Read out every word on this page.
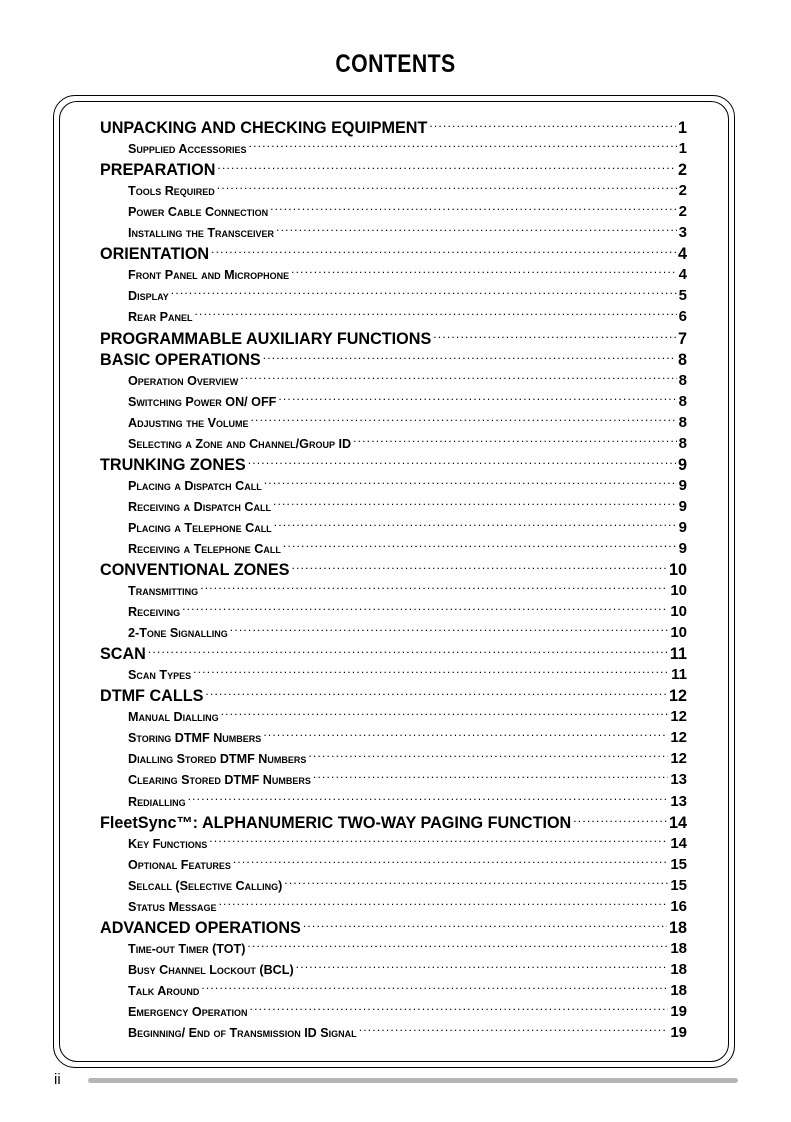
CONTENTS
UNPACKING AND CHECKING EQUIPMENT .....	1
Supplied Accessories .....	1
PREPARATION .....	2
Tools Required .....	2
Power Cable Connection .....	2
Installing the Transceiver .....	3
ORIENTATION .....	4
Front Panel and Microphone .....	4
Display .....	5
Rear Panel .....	6
PROGRAMMABLE AUXILIARY FUNCTIONS .....	7
BASIC OPERATIONS .....	8
Operation Overview .....	8
Switching Power ON/ OFF .....	8
Adjusting the Volume .....	8
Selecting a Zone and Channel/Group ID .....	8
TRUNKING ZONES .....	9
Placing a Dispatch Call .....	9
Receiving a Dispatch Call .....	9
Placing a Telephone Call .....	9
Receiving a Telephone Call .....	9
CONVENTIONAL ZONES .....	10
Transmitting .....	10
Receiving .....	10
2-Tone Signalling .....	10
SCAN .....	11
Scan Types .....	11
DTMF CALLS .....	12
Manual Dialling .....	12
Storing DTMF Numbers .....	12
Dialling Stored DTMF Numbers .....	12
Clearing Stored DTMF Numbers .....	13
Redialling .....	13
FleetSync™: ALPHANUMERIC TWO-WAY PAGING FUNCTION .....	14
Key Functions .....	14
Optional Features .....	15
Selcall (Selective Calling) .....	15
Status Message .....	16
ADVANCED OPERATIONS .....	18
Time-out Timer (TOT) .....	18
Busy Channel Lockout (BCL) .....	18
Talk Around .....	18
Emergency Operation .....	19
Beginning/ End of Transmission ID Signal .....	19
ii
